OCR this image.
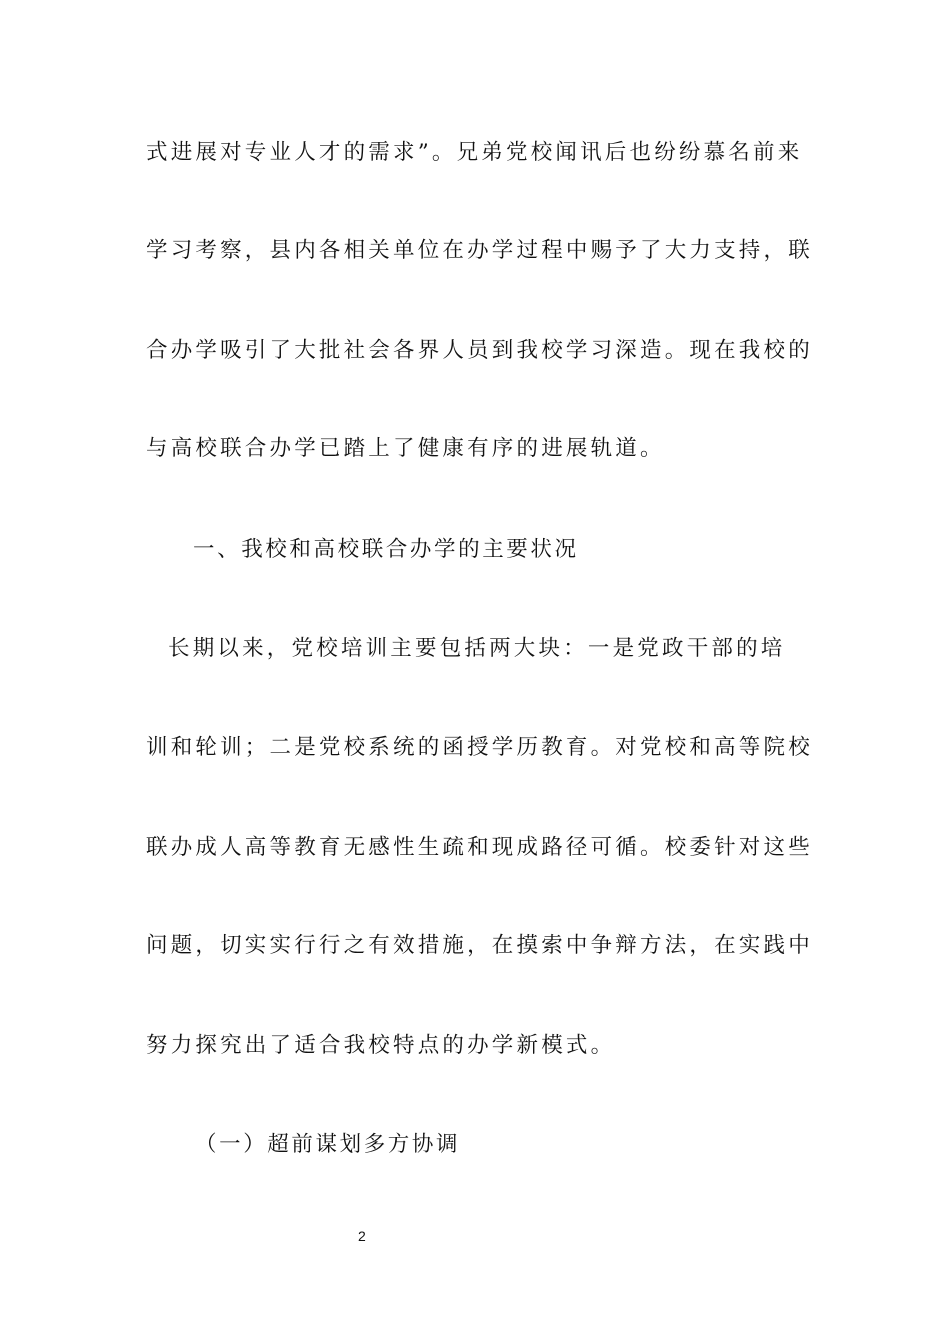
式进展对专业人才的需求”。兄弟党校闻讯后也纷纷慕名前来
学习考察，县内各相关单位在办学过程中赐予了大力支持，联
合办学吸引了大批社会各界人员到我校学习深造。现在我校的
与高校联合办学已踏上了健康有序的进展轨道。
一、我校和高校联合办学的主要状况
长期以来，党校培训主要包括两大块：一是党政干部的培
训和轮训；二是党校系统的函授学历教育。对党校和高等院校
联办成人高等教育无感性生疏和现成路径可循。校委针对这些
问题，切实实行行之有效措施，在摸索中争辩方法，在实践中
努力探究出了适合我校特点的办学新模式。
（一）超前谋划多方协调
2
